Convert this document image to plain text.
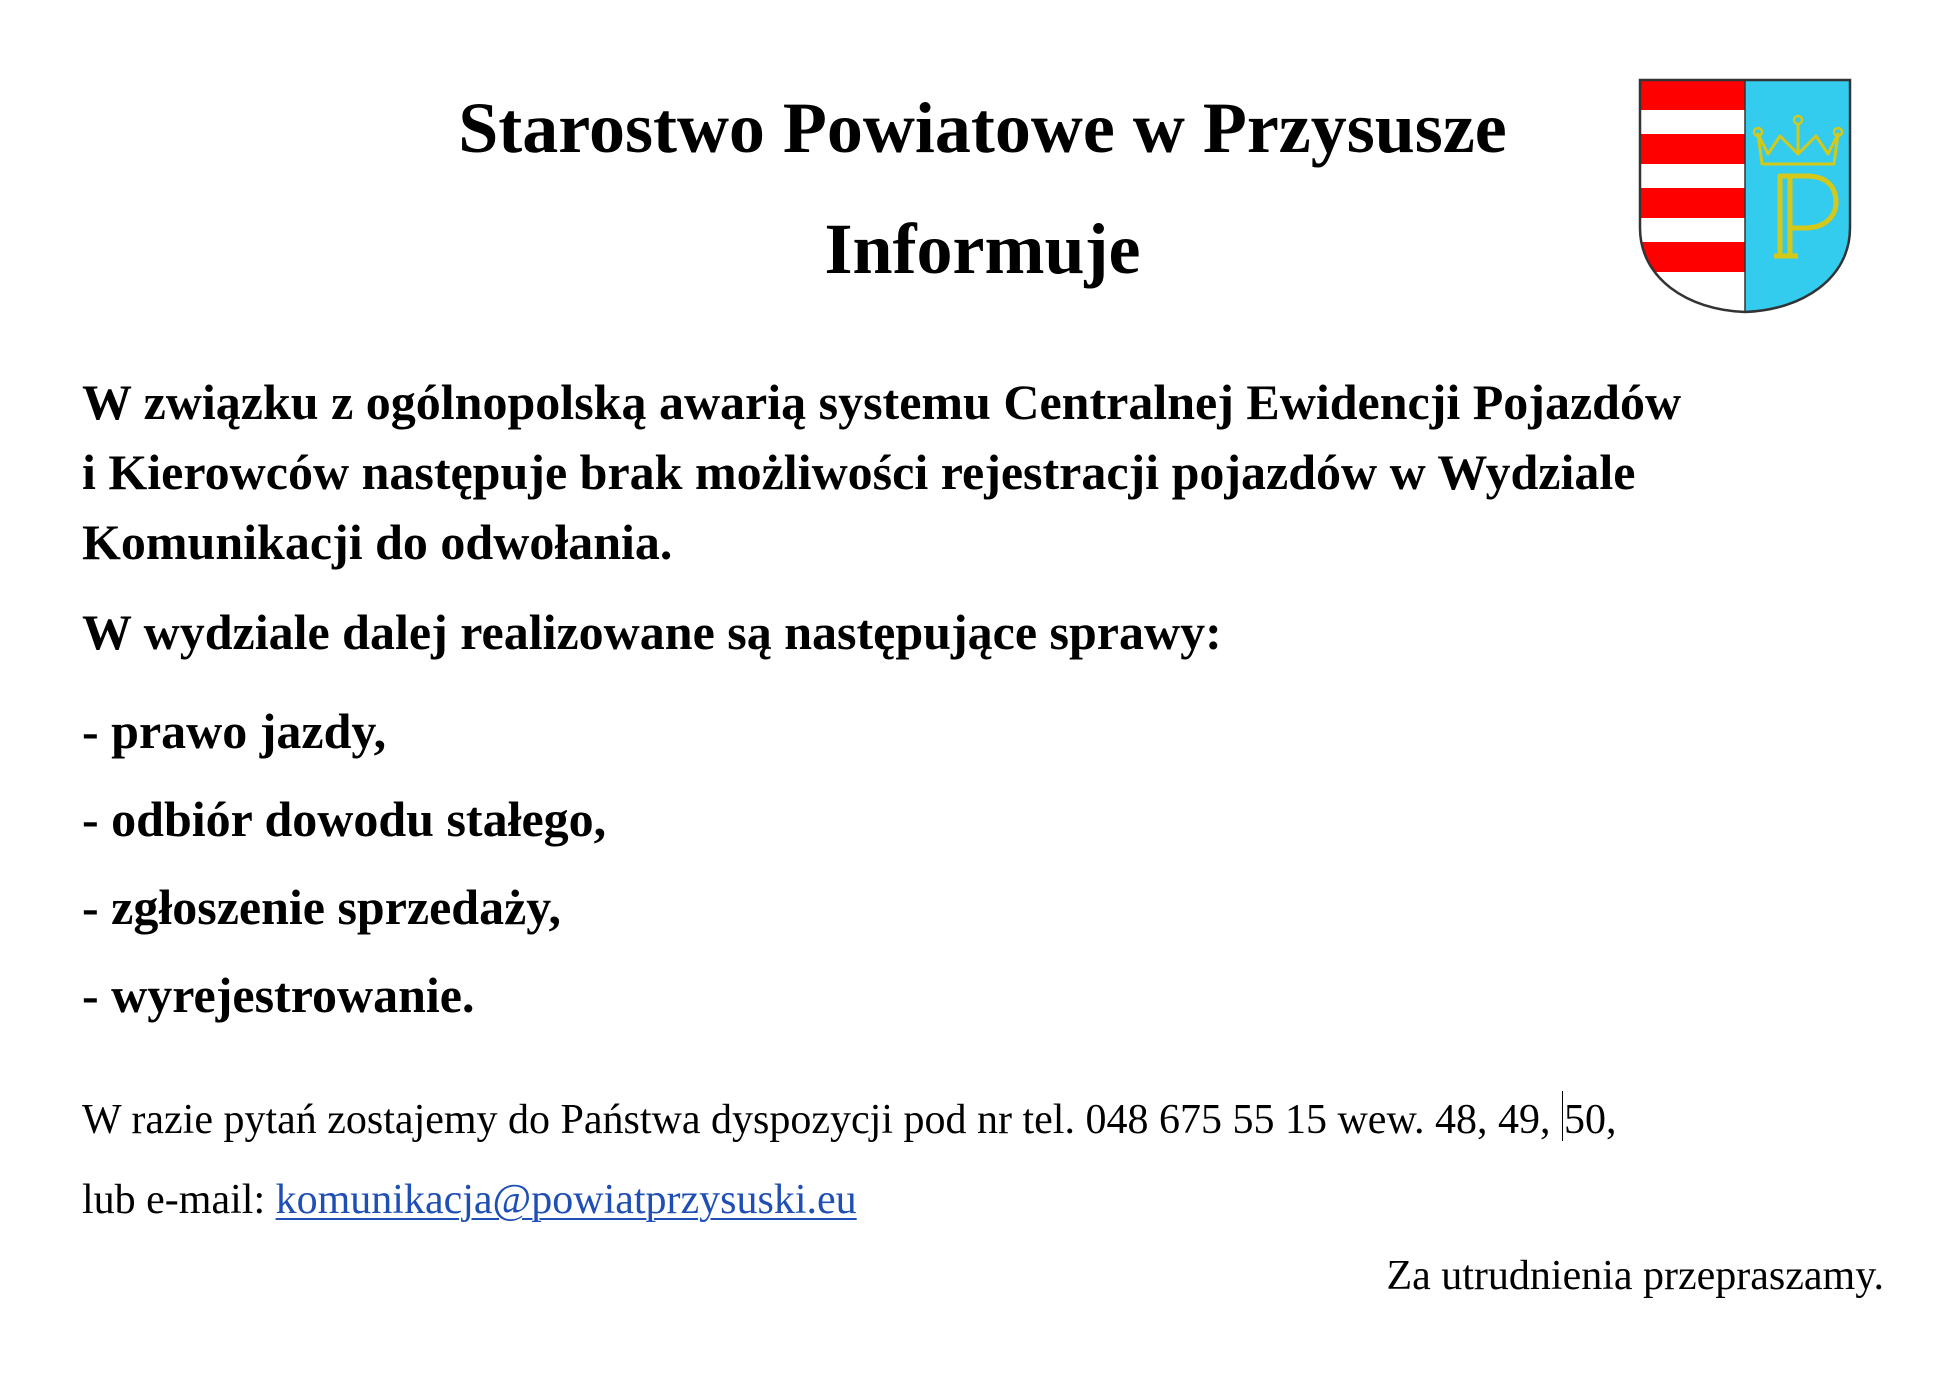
Starostwo Powiatowe w Przysusze
Informuje
W związku z ogólnopolską awarią systemu Centralnej Ewidencji Pojazdów
i Kierowców następuje brak możliwości rejestracji pojazdów w Wydziale
Komunikacji do odwołania.
W wydziale dalej realizowane są następujące sprawy:
- prawo jazdy,
- odbiór dowodu stałego,
- zgłoszenie sprzedaży,
- wyrejestrowanie.

W razie pytań zostajemy do Państwa dyspozycji pod nr tel. 048 675 55 15 wew. 48, 49, 50,

lub e-mail: komunikacja@powiatprzysuski.eu

Za utrudnienia przepraszamy.
